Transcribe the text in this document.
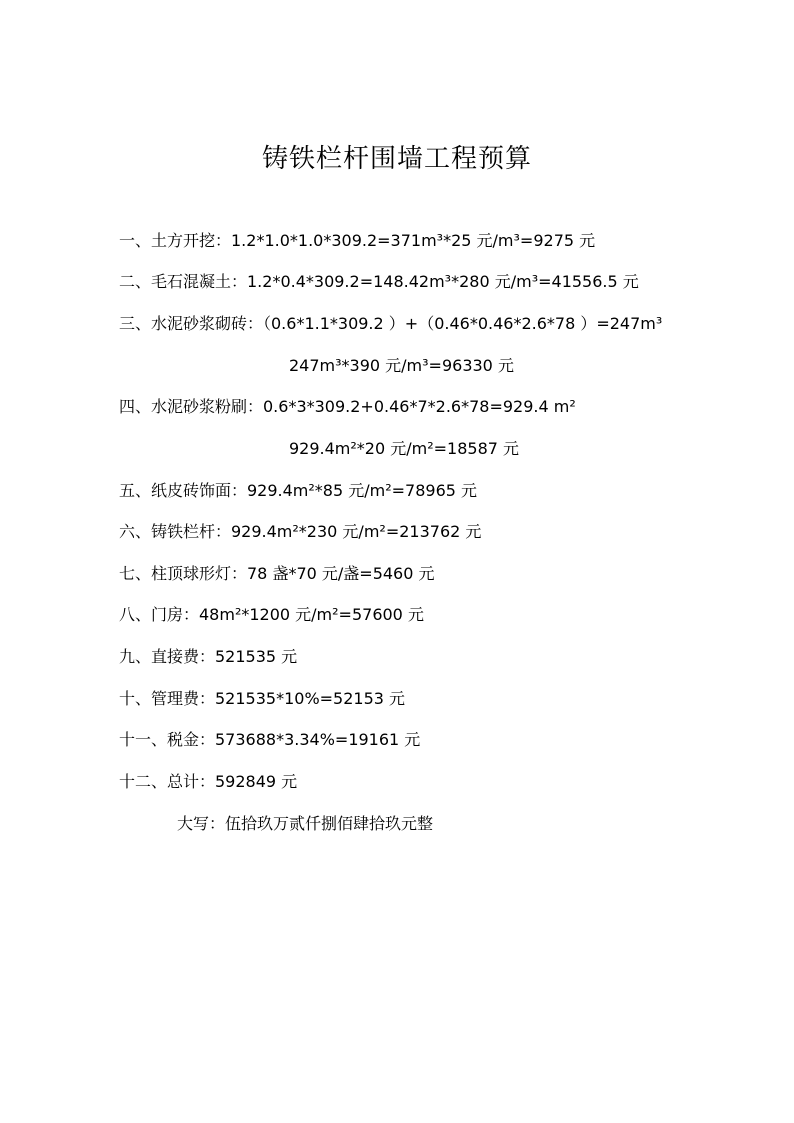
铸铁栏杆围墙工程预算
一、土方开挖：1.2*1.0*1.0*309.2=371m³*25 元/m³=9275 元
二、毛石混凝土：1.2*0.4*309.2=148.42m³*280 元/m³=41556.5 元
三、水泥砂浆砌砖：（0.6*1.1*309.2 ）+（0.46*0.46*2.6*78 ）=247m³
247m³*390 元/m³=96330 元
四、水泥砂浆粉刷：0.6*3*309.2+0.46*7*2.6*78=929.4 m²
929.4m²*20 元/m²=18587 元
五、纸皮砖饰面：929.4m²*85 元/m²=78965 元
六、铸铁栏杆：929.4m²*230 元/m²=213762 元
七、柱顶球形灯：78 盏*70 元/盏=5460 元
八、门房：48m²*1200 元/m²=57600 元
九、直接费：521535 元
十、管理费：521535*10%=52153 元
十一、税金：573688*3.34%=19161 元
十二、总计：592849 元
大写：伍拾玖万贰仟捌佰肆拾玖元整
